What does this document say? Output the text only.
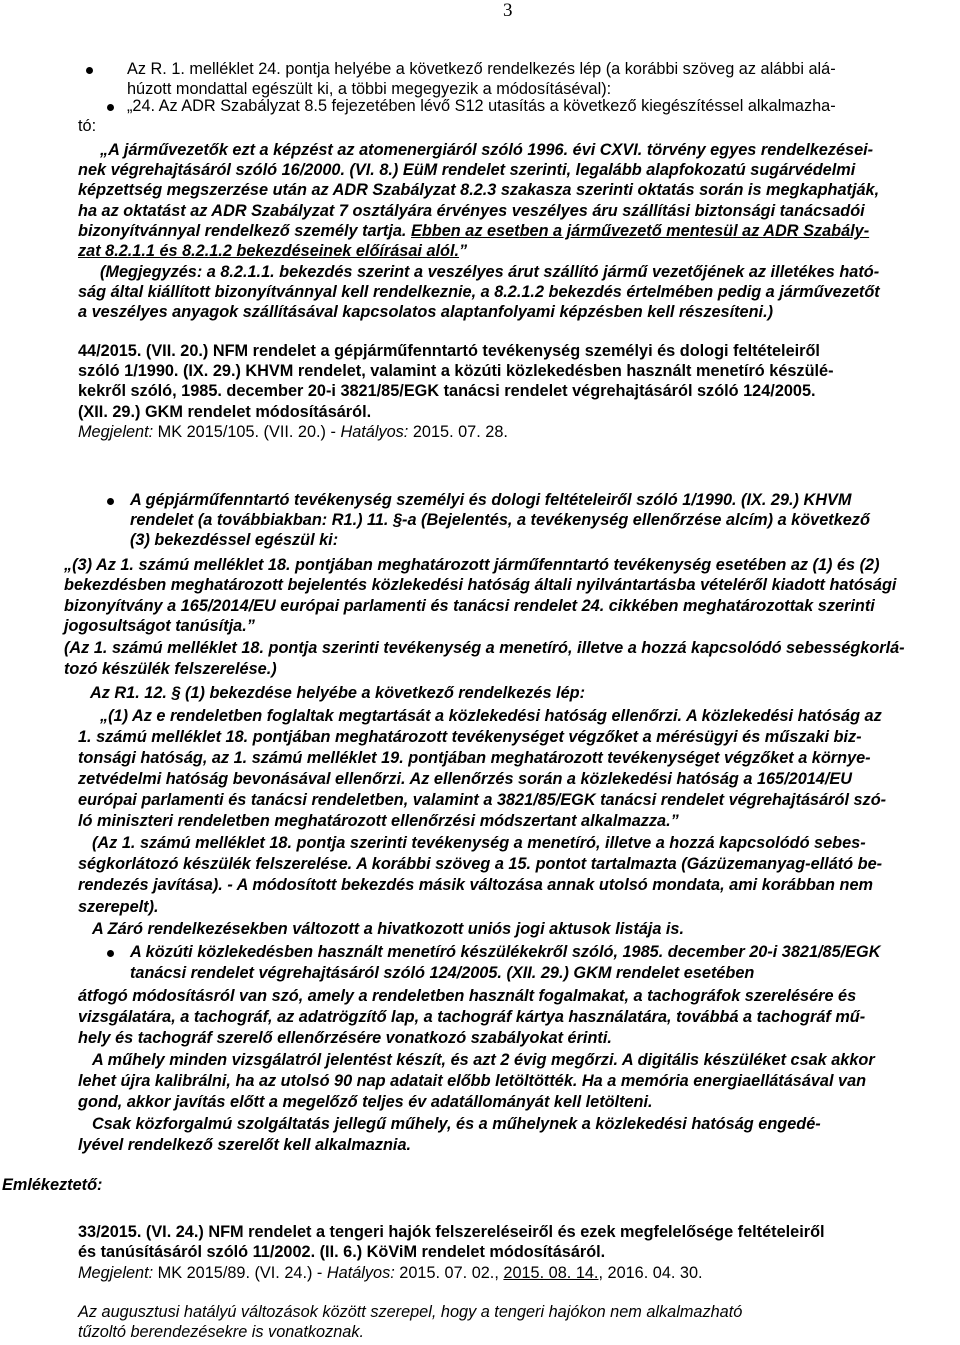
3
Az R. 1. melléklet 24. pontja helyébe a következő rendelkezés lép (a korábbi szöveg az alábbi alá-
húzott mondattal egészült ki, a többi megegyezik a módosításéval):
„24. Az ADR Szabályzat 8.5 fejezetében lévő S12 utasítás a következő kiegészítéssel alkalmazha-
tó:
„A járművezetők ezt a képzést az atomenergiáról szóló 1996. évi CXVI. törvény egyes rendelkezései-
nek végrehajtásáról szóló 16/2000. (VI. 8.) EüM rendelet szerinti, legalább alapfokozatú sugárvédelmi
képzettség megszerzése után az ADR Szabályzat 8.2.3 szakasza szerinti oktatás során is megkaphatják,
ha az oktatást az ADR Szabályzat 7 osztályára érvényes veszélyes áru szállítási biztonsági tanácsadói
bizonyítvánnyal rendelkező személy tartja. Ebben az esetben a járművezető mentesül az ADR Szabály-
zat 8.2.1.1 és 8.2.1.2 bekezdéseinek előírásai alól.”
(Megjegyzés: a 8.2.1.1. bekezdés szerint a veszélyes árut szállító jármű vezetőjének az illetékes ható-
ság által kiállított bizonyítvánnyal kell rendelkeznie, a 8.2.1.2 bekezdés értelmében pedig a járművezetőt
a veszélyes anyagok szállításával kapcsolatos alaptanfolyami képzésben kell részesíteni.)
44/2015. (VII. 20.) NFM rendelet a gépjárműfenntartó tevékenység személyi és dologi feltételeiről
szóló 1/1990. (IX. 29.) KHVM rendelet, valamint a közúti közlekedésben használt menetíró készülé-
kekről szóló, 1985. december 20-i 3821/85/EGK tanácsi rendelet végrehajtásáról szóló 124/2005.
(XII. 29.) GKM rendelet módosításáról.
Megjelent: MK 2015/105. (VII. 20.) - Hatályos: 2015. 07. 28.
A gépjárműfenntartó tevékenység személyi és dologi feltételeiről szóló 1/1990. (IX. 29.) KHVM
rendelet (a továbbiakban: R1.) 11. §-a (Bejelentés, a tevékenység ellenőrzése alcím) a következő
(3) bekezdéssel egészül ki:
„(3) Az 1. számú melléklet 18. pontjában meghatározott járműfenntartó tevékenység esetében az (1) és (2)
bekezdésben meghatározott bejelentés közlekedési hatóság általi nyilvántartásba vételéről kiadott hatósági
bizonyítvány a 165/2014/EU európai parlamenti és tanácsi rendelet 24. cikkében meghatározottak szerinti
jogosultságot tanúsítja.”
(Az 1. számú melléklet 18. pontja szerinti tevékenység a menetíró, illetve a hozzá kapcsolódó sebességkorlá-
tozó készülék felszerelése.)
Az R1. 12. § (1) bekezdése helyébe a következő rendelkezés lép:
„(1) Az e rendeletben foglaltak megtartását a közlekedési hatóság ellenőrzi. A közlekedési hatóság az
1. számú melléklet 18. pontjában meghatározott tevékenységet végzőket a mérésügyi és műszaki biz-
tonsági hatóság, az 1. számú melléklet 19. pontjában meghatározott tevékenységet végzőket a környe-
zetvédelmi hatóság bevonásával ellenőrzi. Az ellenőrzés során a közlekedési hatóság a 165/2014/EU
európai parlamenti és tanácsi rendeletben, valamint a 3821/85/EGK tanácsi rendelet végrehajtásáról szó-
ló miniszteri rendeletben meghatározott ellenőrzési módszertant alkalmazza.”
(Az 1. számú melléklet 18. pontja szerinti tevékenység a menetíró, illetve a hozzá kapcsolódó sebes-
ségkorlátozó készülék felszerelése. A korábbi szöveg a 15. pontot tartalmazta (Gázüzemanyag-ellátó be-
rendezés javítása). - A módosított bekezdés másik változása annak utolsó mondata, ami korábban nem
szerepelt).
A Záró rendelkezésekben változott a hivatkozott uniós jogi aktusok listája is.
A közúti közlekedésben használt menetíró készülékekről szóló, 1985. december 20-i 3821/85/EGK
tanácsi rendelet végrehajtásáról szóló 124/2005. (XII. 29.) GKM rendelet esetében
átfogó módosításról van szó, amely a rendeletben használt fogalmakat, a tachográfok szerelésére és
vizsgálatára, a tachográf, az adatrögzítő lap, a tachográf kártya használatára, továbbá a tachográf mű-
hely és tachográf szerelő ellenőrzésére vonatkozó szabályokat érinti.
A műhely minden vizsgálatról jelentést készít, és azt 2 évig megőrzi. A digitális készüléket csak akkor
lehet újra kalibrálni, ha az utolsó 90 nap adatait előbb letöltötték. Ha a memória energiaellátásával van
gond, akkor javítás előtt a megelőző teljes év adatállományát kell letölteni.
Csak közforgalmú szolgáltatás jellegű műhely, és a műhelynek a közlekedési hatóság engedé-
lyével rendelkező szerelőt kell alkalmaznia.
Emlékeztető:
33/2015. (VI. 24.) NFM rendelet a tengeri hajók felszereléseiről és ezek megfelelősége feltételeiről
és tanúsításáról szóló 11/2002. (II. 6.) KöViM rendelet módosításáról.
Megjelent: MK 2015/89. (VI. 24.) - Hatályos: 2015. 07. 02., 2015. 08. 14., 2016. 04. 30.
Az augusztusi hatályú változások között szerepel, hogy a tengeri hajókon nem alkalmazható
tűzoltó berendezésekre is vonatkoznak.
